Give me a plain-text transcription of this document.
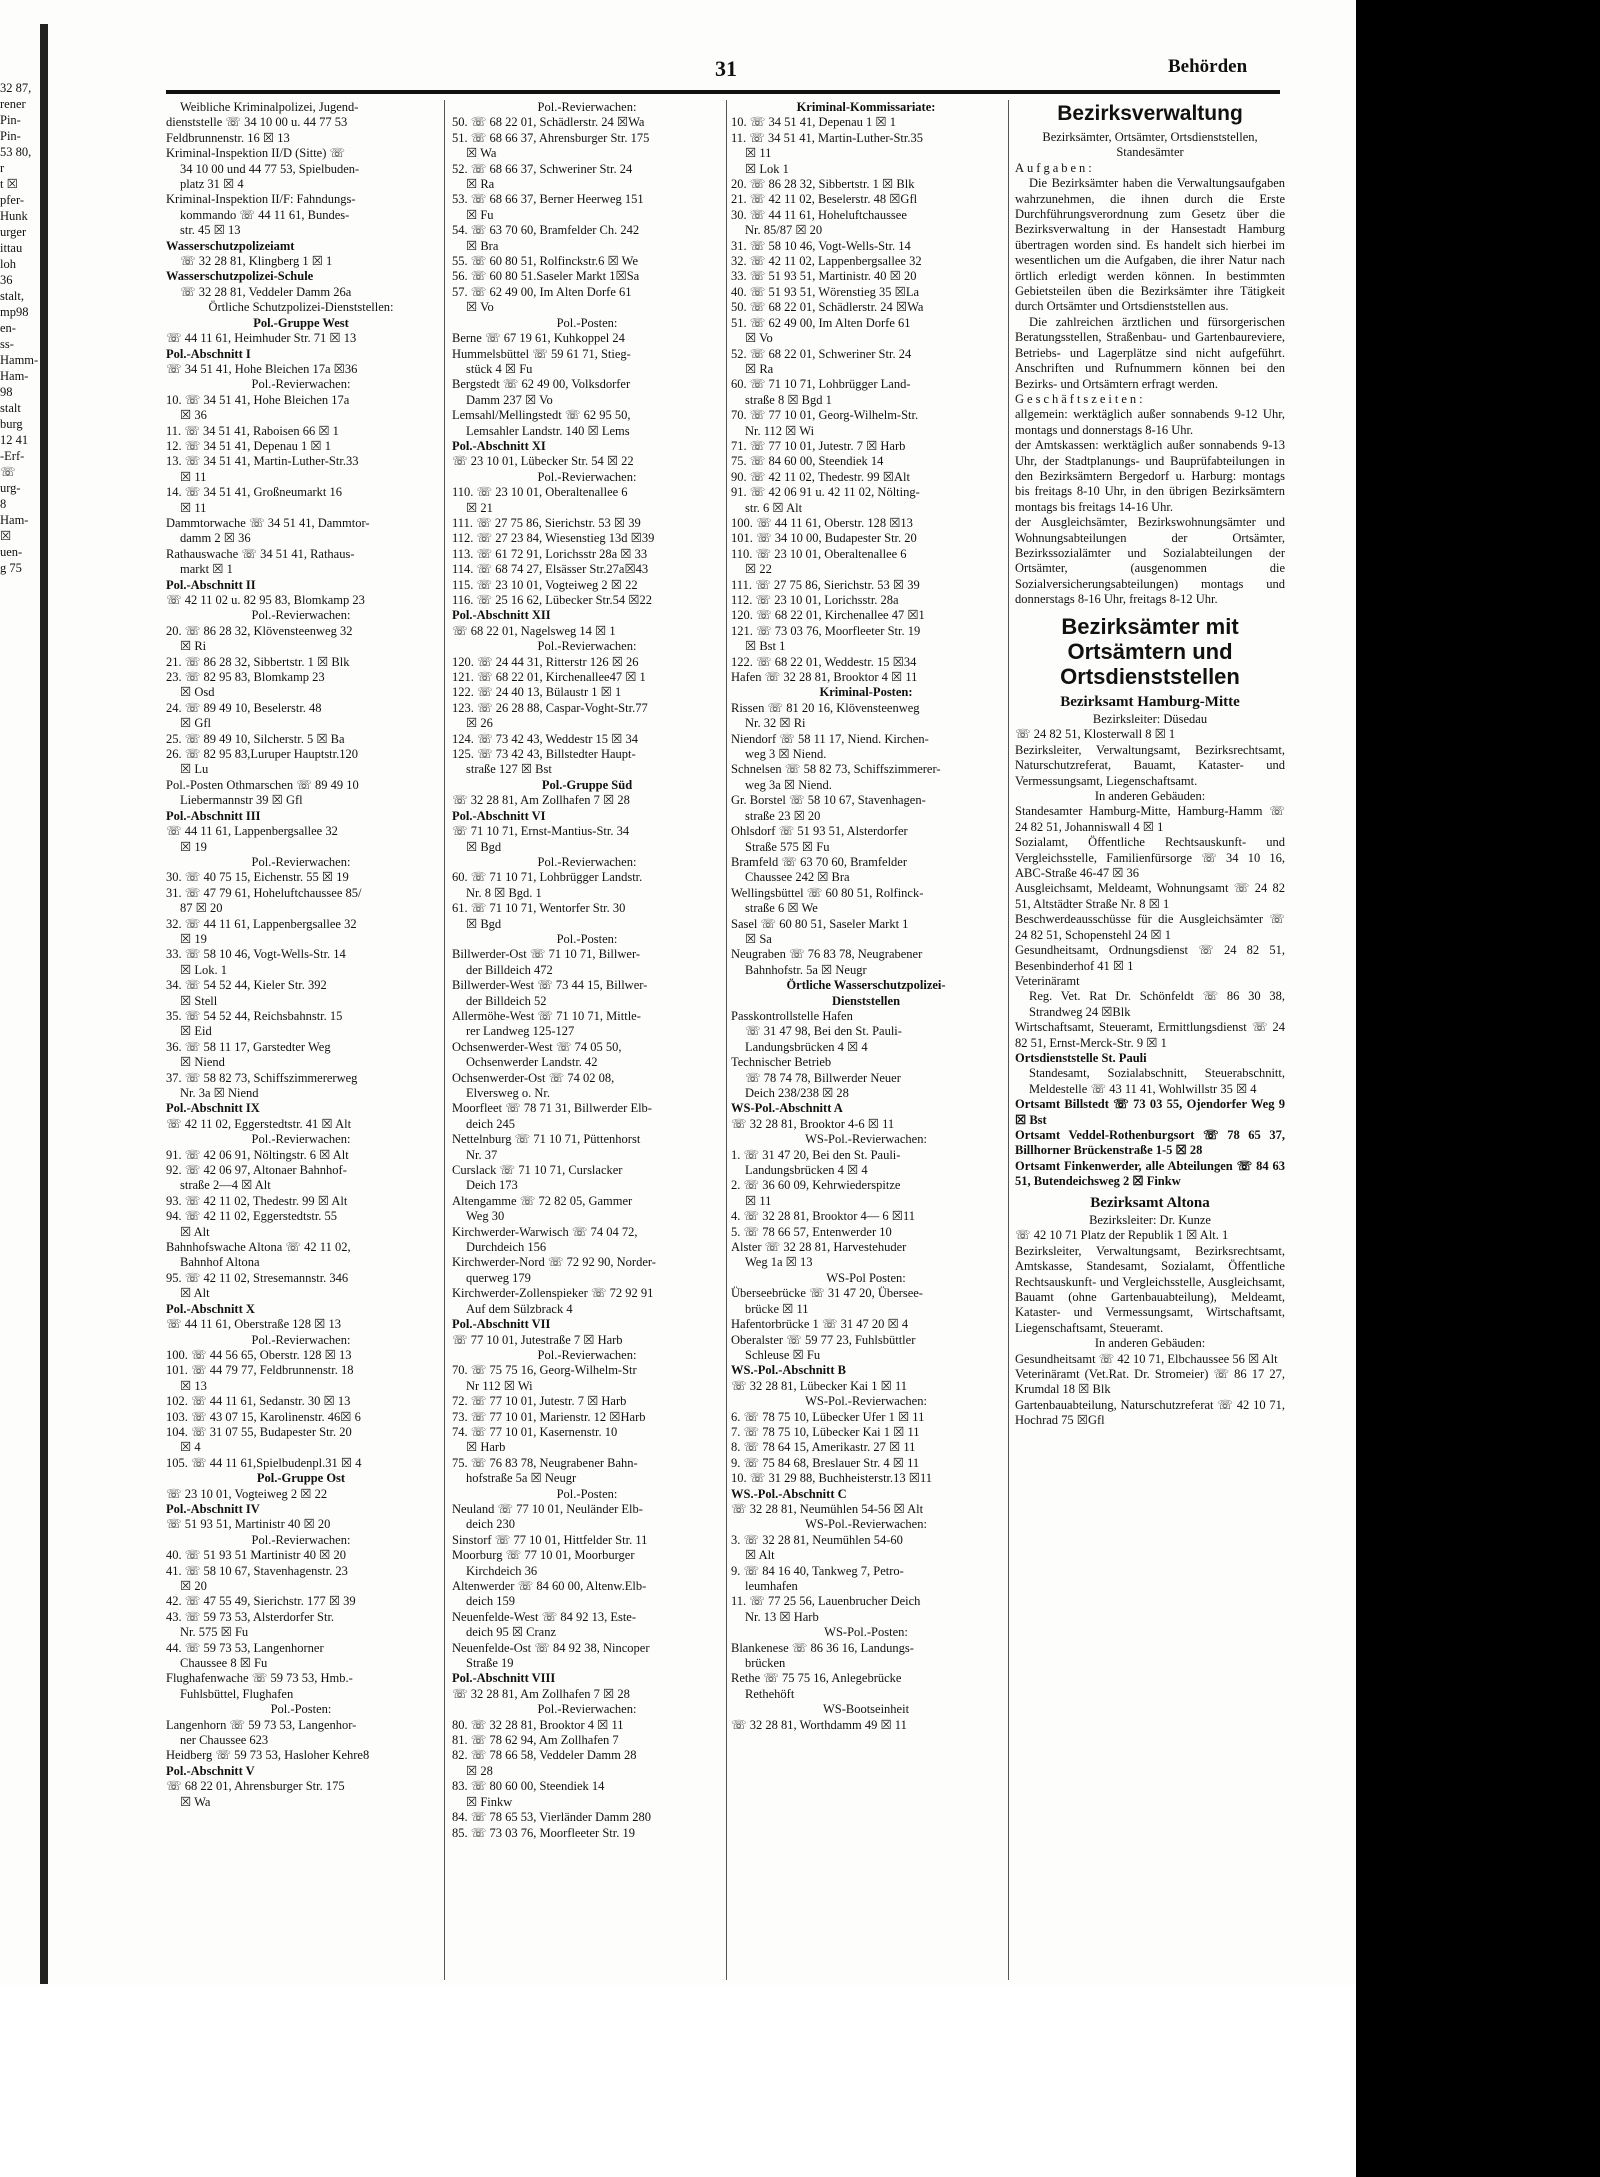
32 87,
rener
Pin-
Pin-
53 80,
r
t ☒
pfer-
Hunk
urger
ittau
loh
36
stalt,
mp98
en-
ss-
Hamm-
Ham-
98
stalt
burg
12 41
-Erf-
☏
urg-
8
Ham-
☒
uen-
g 75
31	Behörden
Weibliche Kriminalpolizei, Jugend-
dienststelle ☏ 34 10 00 u. 44 77 53
Feldbrunnenstr. 16 ☒ 13
Kriminal-Inspektion II/D (Sitte) ☏
34 10 00 und 44 77 53, Spielbuden-
platz 31 ☒ 4
Kriminal-Inspektion II/F: Fahndungs-
kommando ☏ 44 11 61, Bundes-
str. 45 ☒ 13
Wasserschutzpolizeiamt
☏ 32 28 81, Klingberg 1 ☒ 1
Wasserschutzpolizei-Schule
☏ 32 28 81, Veddeler Damm 26a
Örtliche Schutzpolizei-Dienststellen:
Pol.-Gruppe West
☏ 44 11 61, Heimhuder Str. 71 ☒ 13
Pol.-Abschnitt I
☏ 34 51 41, Hohe Bleichen 17a ☒36
Pol.-Revierwachen:
10. ☏ 34 51 41, Hohe Bleichen 17a
☒ 36
11. ☏ 34 51 41, Raboisen 66 ☒ 1
12. ☏ 34 51 41, Depenau 1 ☒ 1
13. ☏ 34 51 41, Martin-Luther-Str.33
☒ 11
14. ☏ 34 51 41, Großneumarkt 16
☒ 11
Dammtorwache ☏ 34 51 41, Dammtor-
damm 2 ☒ 36
Rathauswache ☏ 34 51 41, Rathaus-
markt ☒ 1
Pol.-Abschnitt II
☏ 42 11 02 u. 82 95 83, Blomkamp 23
Pol.-Revierwachen:
20. ☏ 86 28 32, Klövensteenweg 32
☒ Ri
21. ☏ 86 28 32, Sibbertstr. 1 ☒ Blk
23. ☏ 82 95 83, Blomkamp 23
☒ Osd
24. ☏ 89 49 10, Beselerstr. 48
☒ Gfl
25. ☏ 89 49 10, Silcherstr. 5 ☒ Ba
26. ☏ 82 95 83,Luruper Hauptstr.120
☒ Lu
Pol.-Posten Othmarschen ☏ 89 49 10
Liebermannstr 39 ☒ Gfl
Pol.-Abschnitt III
☏ 44 11 61, Lappenbergsallee 32
☒ 19
Pol.-Revierwachen:
30. ☏ 40 75 15, Eichenstr. 55 ☒ 19
31. ☏ 47 79 61, Hoheluftchaussee 85/
87 ☒ 20
32. ☏ 44 11 61, Lappenbergsallee 32
☒ 19
33. ☏ 58 10 46, Vogt-Wells-Str. 14
☒ Lok. 1
34. ☏ 54 52 44, Kieler Str. 392
☒ Stell
35. ☏ 54 52 44, Reichsbahnstr. 15
☒ Eid
36. ☏ 58 11 17, Garstedter Weg
☒ Niend
37. ☏ 58 82 73, Schiffszimmererweg
Nr. 3a ☒ Niend
Pol.-Abschnitt IX
☏ 42 11 02, Eggerstedtstr. 41 ☒ Alt
Pol.-Revierwachen:
91. ☏ 42 06 91, Nöltingstr. 6 ☒ Alt
92. ☏ 42 06 97, Altonaer Bahnhof-
straße 2—4 ☒ Alt
93. ☏ 42 11 02, Thedestr. 99 ☒ Alt
94. ☏ 42 11 02, Eggerstedtstr. 55
☒ Alt
Bahnhofswache Altona ☏ 42 11 02,
Bahnhof Altona
95. ☏ 42 11 02, Stresemannstr. 346
☒ Alt
Pol.-Abschnitt X
☏ 44 11 61, Oberstraße 128 ☒ 13
Pol.-Revierwachen:
100. ☏ 44 56 65, Oberstr. 128 ☒ 13
101. ☏ 44 79 77, Feldbrunnenstr. 18
☒ 13
102. ☏ 44 11 61, Sedanstr. 30 ☒ 13
103. ☏ 43 07 15, Karolinenstr. 46☒ 6
104. ☏ 31 07 55, Budapester Str. 20
☒ 4
105. ☏ 44 11 61,Spielbudenpl.31 ☒ 4
Pol.-Gruppe Ost
☏ 23 10 01, Vogteiweg 2 ☒ 22
Pol.-Abschnitt IV
☏ 51 93 51, Martinistr 40 ☒ 20
Pol.-Revierwachen:
40. ☏ 51 93 51 Martinistr 40 ☒ 20
41. ☏ 58 10 67, Stavenhagenstr. 23
☒ 20
42. ☏ 47 55 49, Sierichstr. 177 ☒ 39
43. ☏ 59 73 53, Alsterdorfer Str.
Nr. 575 ☒ Fu
44. ☏ 59 73 53, Langenhorner
Chaussee 8 ☒ Fu
Flughafenwache ☏ 59 73 53, Hmb.-
Fuhlsbüttel, Flughafen
Pol.-Posten:
Langenhorn ☏ 59 73 53, Langenhor-
ner Chaussee 623
Heidberg ☏ 59 73 53, Hasloher Kehre8
Pol.-Abschnitt V
☏ 68 22 01, Ahrensburger Str. 175
☒ Wa
Pol.-Revierwachen:
50. ☏ 68 22 01, Schädlerstr. 24 ☒Wa
51. ☏ 68 66 37, Ahrensburger Str. 175
☒ Wa
52. ☏ 68 66 37, Schweriner Str. 24
☒ Ra
53. ☏ 68 66 37, Berner Heerweg 151
☒ Fu
54. ☏ 63 70 60, Bramfelder Ch. 242
☒ Bra
55. ☏ 60 80 51, Rolfinckstr.6 ☒ We
56. ☏ 60 80 51.Saseler Markt 1☒Sa
57. ☏ 62 49 00, Im Alten Dorfe 61
☒ Vo
Pol.-Posten:
Berne ☏ 67 19 61, Kuhkoppel 24
Hummelsbüttel ☏ 59 61 71, Stieg-
stück 4 ☒ Fu
Bergstedt ☏ 62 49 00, Volksdorfer
Damm 237 ☒ Vo
Lemsahl/Mellingstedt ☏ 62 95 50,
Lemsahler Landstr. 140 ☒ Lems
Pol.-Abschnitt XI
☏ 23 10 01, Lübecker Str. 54 ☒ 22
Pol.-Revierwachen:
110. ☏ 23 10 01, Oberaltenallee 6
☒ 21
111. ☏ 27 75 86, Sierichstr. 53 ☒ 39
112. ☏ 27 23 84, Wiesenstieg 13d ☒39
113. ☏ 61 72 91, Lorichsstr 28a ☒ 33
114. ☏ 68 74 27, Elsässer Str.27a☒43
115. ☏ 23 10 01, Vogteiweg 2 ☒ 22
116. ☏ 25 16 62, Lübecker Str.54 ☒22
Pol.-Abschnitt XII
☏ 68 22 01, Nagelsweg 14 ☒ 1
Pol.-Revierwachen:
120. ☏ 24 44 31, Ritterstr 126 ☒ 26
121. ☏ 68 22 01, Kirchenallee47 ☒ 1
122. ☏ 24 40 13, Bülaustr 1 ☒ 1
123. ☏ 26 28 88, Caspar-Voght-Str.77
☒ 26
124. ☏ 73 42 43, Weddestr 15 ☒ 34
125. ☏ 73 42 43, Billstedter Haupt-
straße 127 ☒ Bst
Pol.-Gruppe Süd
☏ 32 28 81, Am Zollhafen 7 ☒ 28
Pol.-Abschnitt VI
☏ 71 10 71, Ernst-Mantius-Str. 34
☒ Bgd
Pol.-Revierwachen:
60. ☏ 71 10 71, Lohbrügger Landstr.
Nr. 8 ☒ Bgd. 1
61. ☏ 71 10 71, Wentorfer Str. 30
☒ Bgd
Pol.-Posten:
Billwerder-Ost ☏ 71 10 71, Billwer-
der Billdeich 472
Billwerder-West ☏ 73 44 15, Billwer-
der Billdeich 52
Allermöhe-West ☏ 71 10 71, Mittle-
rer Landweg 125-127
Ochsenwerder-West ☏ 74 05 50,
Ochsenwerder Landstr. 42
Ochsenwerder-Ost ☏ 74 02 08,
Elversweg o. Nr.
Moorfleet ☏ 78 71 31, Billwerder Elb-
deich 245
Nettelnburg ☏ 71 10 71, Püttenhorst
Nr. 37
Curslack ☏ 71 10 71, Curslacker
Deich 173
Altengamme ☏ 72 82 05, Gammer
Weg 30
Kirchwerder-Warwisch ☏ 74 04 72,
Durchdeich 156
Kirchwerder-Nord ☏ 72 92 90, Norder-
querweg 179
Kirchwerder-Zollenspieker ☏ 72 92 91
Auf dem Sülzbrack 4
Pol.-Abschnitt VII
☏ 77 10 01, Jutestraße 7 ☒ Harb
Pol.-Revierwachen:
70. ☏ 75 75 16, Georg-Wilhelm-Str
Nr 112 ☒ Wi
72. ☏ 77 10 01, Jutestr. 7 ☒ Harb
73. ☏ 77 10 01, Marienstr. 12 ☒Harb
74. ☏ 77 10 01, Kasernenstr. 10
☒ Harb
75. ☏ 76 83 78, Neugrabener Bahn-
hofstraße 5a ☒ Neugr
Pol.-Posten:
Neuland ☏ 77 10 01, Neuländer Elb-
deich 230
Sinstorf ☏ 77 10 01, Hittfelder Str. 11
Moorburg ☏ 77 10 01, Moorburger
Kirchdeich 36
Altenwerder ☏ 84 60 00, Altenw.Elb-
deich 159
Neuenfelde-West ☏ 84 92 13, Este-
deich 95 ☒ Cranz
Neuenfelde-Ost ☏ 84 92 38, Nincoper
Straße 19
Pol.-Abschnitt VIII
☏ 32 28 81, Am Zollhafen 7 ☒ 28
Pol.-Revierwachen:
80. ☏ 32 28 81, Brooktor 4 ☒ 11
81. ☏ 78 62 94, Am Zollhafen 7
82. ☏ 78 66 58, Veddeler Damm 28
☒ 28
83. ☏ 80 60 00, Steendiek 14
☒ Finkw
84. ☏ 78 65 53, Vierländer Damm 280
85. ☏ 73 03 76, Moorfleeter Str. 19
Kriminal-Kommissariate:
10. ☏ 34 51 41, Depenau 1 ☒ 1
11. ☏ 34 51 41, Martin-Luther-Str.35
☒ 11
☒ Lok 1
20. ☏ 86 28 32, Sibbertstr. 1 ☒ Blk
21. ☏ 42 11 02, Beselerstr. 48 ☒Gfl
30. ☏ 44 11 61, Hoheluftchaussee
Nr. 85/87 ☒ 20
31. ☏ 58 10 46, Vogt-Wells-Str. 14
32. ☏ 42 11 02, Lappenbergsallee 32
33. ☏ 51 93 51, Martinistr. 40 ☒ 20
40. ☏ 51 93 51, Wörenstieg 35 ☒La
50. ☏ 68 22 01, Schädlerstr. 24 ☒Wa
51. ☏ 62 49 00, Im Alten Dorfe 61
☒ Vo
52. ☏ 68 22 01, Schweriner Str. 24
☒ Ra
60. ☏ 71 10 71, Lohbrügger Land-
straße 8 ☒ Bgd 1
70. ☏ 77 10 01, Georg-Wilhelm-Str.
Nr. 112 ☒ Wi
71. ☏ 77 10 01, Jutestr. 7 ☒ Harb
75. ☏ 84 60 00, Steendiek 14
90. ☏ 42 11 02, Thedestr. 99 ☒Alt
91. ☏ 42 06 91 u. 42 11 02, Nölting-
str. 6 ☒ Alt
100. ☏ 44 11 61, Oberstr. 128 ☒13
101. ☏ 34 10 00, Budapester Str. 20
110. ☏ 23 10 01, Oberaltenallee 6
☒ 22
111. ☏ 27 75 86, Sierichstr. 53 ☒ 39
112. ☏ 23 10 01, Lorichsstr. 28a
120. ☏ 68 22 01, Kirchenallee 47 ☒1
121. ☏ 73 03 76, Moorfleeter Str. 19
☒ Bst 1
122. ☏ 68 22 01, Weddestr. 15 ☒34
Hafen ☏ 32 28 81, Brooktor 4 ☒ 11
Kriminal-Posten:
Rissen ☏ 81 20 16, Klövensteenweg
Nr. 32 ☒ Ri
Niendorf ☏ 58 11 17, Niend. Kirchen-
weg 3 ☒ Niend.
Schnelsen ☏ 58 82 73, Schiffszimmerer-
weg 3a ☒ Niend.
Gr. Borstel ☏ 58 10 67, Stavenhagen-
straße 23 ☒ 20
Ohlsdorf ☏ 51 93 51, Alsterdorfer
Straße 575 ☒ Fu
Bramfeld ☏ 63 70 60, Bramfelder
Chaussee 242 ☒ Bra
Wellingsbüttel ☏ 60 80 51, Rolfinck-
straße 6 ☒ We
Sasel ☏ 60 80 51, Saseler Markt 1
☒ Sa
Neugraben ☏ 76 83 78, Neugrabener
Bahnhofstr. 5a ☒ Neugr
Örtliche Wasserschutzpolizei-
Dienststellen
Passkontrollstelle Hafen
☏ 31 47 98, Bei den St. Pauli-
Landungsbrücken 4 ☒ 4
Technischer Betrieb
☏ 78 74 78, Billwerder Neuer
Deich 238/238 ☒ 28
WS-Pol.-Abschnitt A
☏ 32 28 81, Brooktor 4-6 ☒ 11
WS-Pol.-Revierwachen:
1. ☏ 31 47 20, Bei den St. Pauli-
Landungsbrücken 4 ☒ 4
2. ☏ 36 60 09, Kehrwiederspitze
☒ 11
4. ☏ 32 28 81, Brooktor 4— 6 ☒11
5. ☏ 78 66 57, Entenwerder 10
Alster ☏ 32 28 81, Harvestehuder
Weg 1a ☒ 13
WS-Pol Posten:
Überseebrücke ☏ 31 47 20, Übersee-
brücke ☒ 11
Hafentorbrücke 1 ☏ 31 47 20 ☒ 4
Oberalster ☏ 59 77 23, Fuhlsbüttler
Schleuse ☒ Fu
WS.-Pol.-Abschnitt B
☏ 32 28 81, Lübecker Kai 1 ☒ 11
WS-Pol.-Revierwachen:
6. ☏ 78 75 10, Lübecker Ufer 1 ☒ 11
7. ☏ 78 75 10, Lübecker Kai 1 ☒ 11
8. ☏ 78 64 15, Amerikastr. 27 ☒ 11
9. ☏ 75 84 68, Breslauer Str. 4 ☒ 11
10. ☏ 31 29 88, Buchheisterstr.13 ☒11
WS.-Pol.-Abschnitt C
☏ 32 28 81, Neumühlen 54-56 ☒ Alt
WS-Pol.-Revierwachen:
3. ☏ 32 28 81, Neumühlen 54-60
☒ Alt
9. ☏ 84 16 40, Tankweg 7, Petro-
leumhafen
11. ☏ 77 25 56, Lauenbrucher Deich
Nr. 13 ☒ Harb
WS-Pol.-Posten:
Blankenese ☏ 86 36 16, Landungs-
brücken
Rethe ☏ 75 75 16, Anlegebrücke
Rethehöft
WS-Bootseinheit
☏ 32 28 81, Worthdamm 49 ☒ 11
Bezirksverwaltung
Bezirksämter, Ortsämter, Ortsdienststellen, Standesämter
Aufgaben:
Die Bezirksämter haben die Verwaltungsaufgaben wahrzunehmen, die ihnen durch die Erste Durchführungsverordnung zum Gesetz über die Bezirksverwaltung in der Hansestadt Hamburg übertragen worden sind. Es handelt sich hierbei im wesentlichen um die Aufgaben, die ihrer Natur nach örtlich erledigt werden können. In bestimmten Gebietsteilen üben die Bezirksämter ihre Tätigkeit durch Ortsämter und Ortsdienststellen aus.
Die zahlreichen ärztlichen und fürsorgerischen Beratungsstellen, Straßenbau- und Gartenbaureviere, Betriebs- und Lagerplätze sind nicht aufgeführt. Anschriften und Rufnummern können bei den Bezirks- und Ortsämtern erfragt werden.
Geschäftszeiten:
allgemein: werktäglich außer sonnabends 9-12 Uhr, montags und donnerstags 8-16 Uhr.
der Amtskassen: werktäglich außer sonnabends 9-13 Uhr, der Stadtplanungs- und Bauprüfabteilungen in den Bezirksämtern Bergedorf u. Harburg: montags bis freitags 8-10 Uhr, in den übrigen Bezirksämtern montags bis freitags 14-16 Uhr.
der Ausgleichsämter, Bezirkswohnungsämter und Wohnungsabteilungen der Ortsämter, Bezirkssozialämter und Sozialabteilungen der Ortsämter, (ausgenommen die Sozialversicherungsabteilungen) montags und donnerstags 8-16 Uhr, freitags 8-12 Uhr.
Bezirksämter mit Ortsämtern und Ortsdienststellen
Bezirksamt Hamburg-Mitte
Bezirksleiter: Düsedau
☏ 24 82 51, Klosterwall 8 ☒ 1
Bezirksleiter, Verwaltungsamt, Bezirksrechtsamt, Naturschutzreferat, Bauamt, Kataster- und Vermessungsamt, Liegenschaftsamt.
In anderen Gebäuden:
Standesamter Hamburg-Mitte, Hamburg-Hamm ☏ 24 82 51, Johanniswall 4 ☒ 1
Sozialamt, Öffentliche Rechtsauskunft- und Vergleichsstelle, Familienfürsorge ☏ 34 10 16, ABC-Straße 46-47 ☒ 36
Ausgleichsamt, Meldeamt, Wohnungsamt ☏ 24 82 51, Altstädter Straße Nr. 8 ☒ 1
Beschwerdeausschüsse für die Ausgleichsämter ☏ 24 82 51, Schopenstehl 24 ☒ 1
Gesundheitsamt, Ordnungsdienst ☏ 24 82 51, Besenbinderhof 41 ☒ 1
Veterinäramt
Reg. Vet. Rat Dr. Schönfeldt ☏ 86 30 38, Strandweg 24 ☒Blk
Wirtschaftsamt, Steueramt, Ermittlungsdienst ☏ 24 82 51, Ernst-Merck-Str. 9 ☒ 1
Ortsdienststelle St. Pauli
Standesamt, Sozialabschnitt, Steuerabschnitt, Meldestelle ☏ 43 11 41, Wohlwillstr 35 ☒ 4
Ortsamt Billstedt ☏ 73 03 55, Ojendorfer Weg 9 ☒ Bst
Ortsamt Veddel-Rothenburgsort ☏ 78 65 37, Billhorner Brückenstraße 1-5 ☒ 28
Ortsamt Finkenwerder, alle Abteilungen ☏ 84 63 51, Butendeichsweg 2 ☒ Finkw
Bezirksamt Altona
Bezirksleiter: Dr. Kunze
☏ 42 10 71 Platz der Republik 1 ☒ Alt. 1
Bezirksleiter, Verwaltungsamt, Bezirksrechtsamt, Amtskasse, Standesamt, Sozialamt, Öffentliche Rechtsauskunft- und Vergleichsstelle, Ausgleichsamt, Bauamt (ohne Gartenbauabteilung), Meldeamt, Kataster- und Vermessungsamt, Wirtschaftsamt, Liegenschaftsamt, Steueramt.
In anderen Gebäuden:
Gesundheitsamt ☏ 42 10 71, Elbchaussee 56 ☒ Alt
Veterinäramt (Vet.Rat. Dr. Stromeier) ☏ 86 17 27, Krumdal 18 ☒ Blk
Gartenbauabteilung, Naturschutzreferat ☏ 42 10 71, Hochrad 75 ☒Gfl
